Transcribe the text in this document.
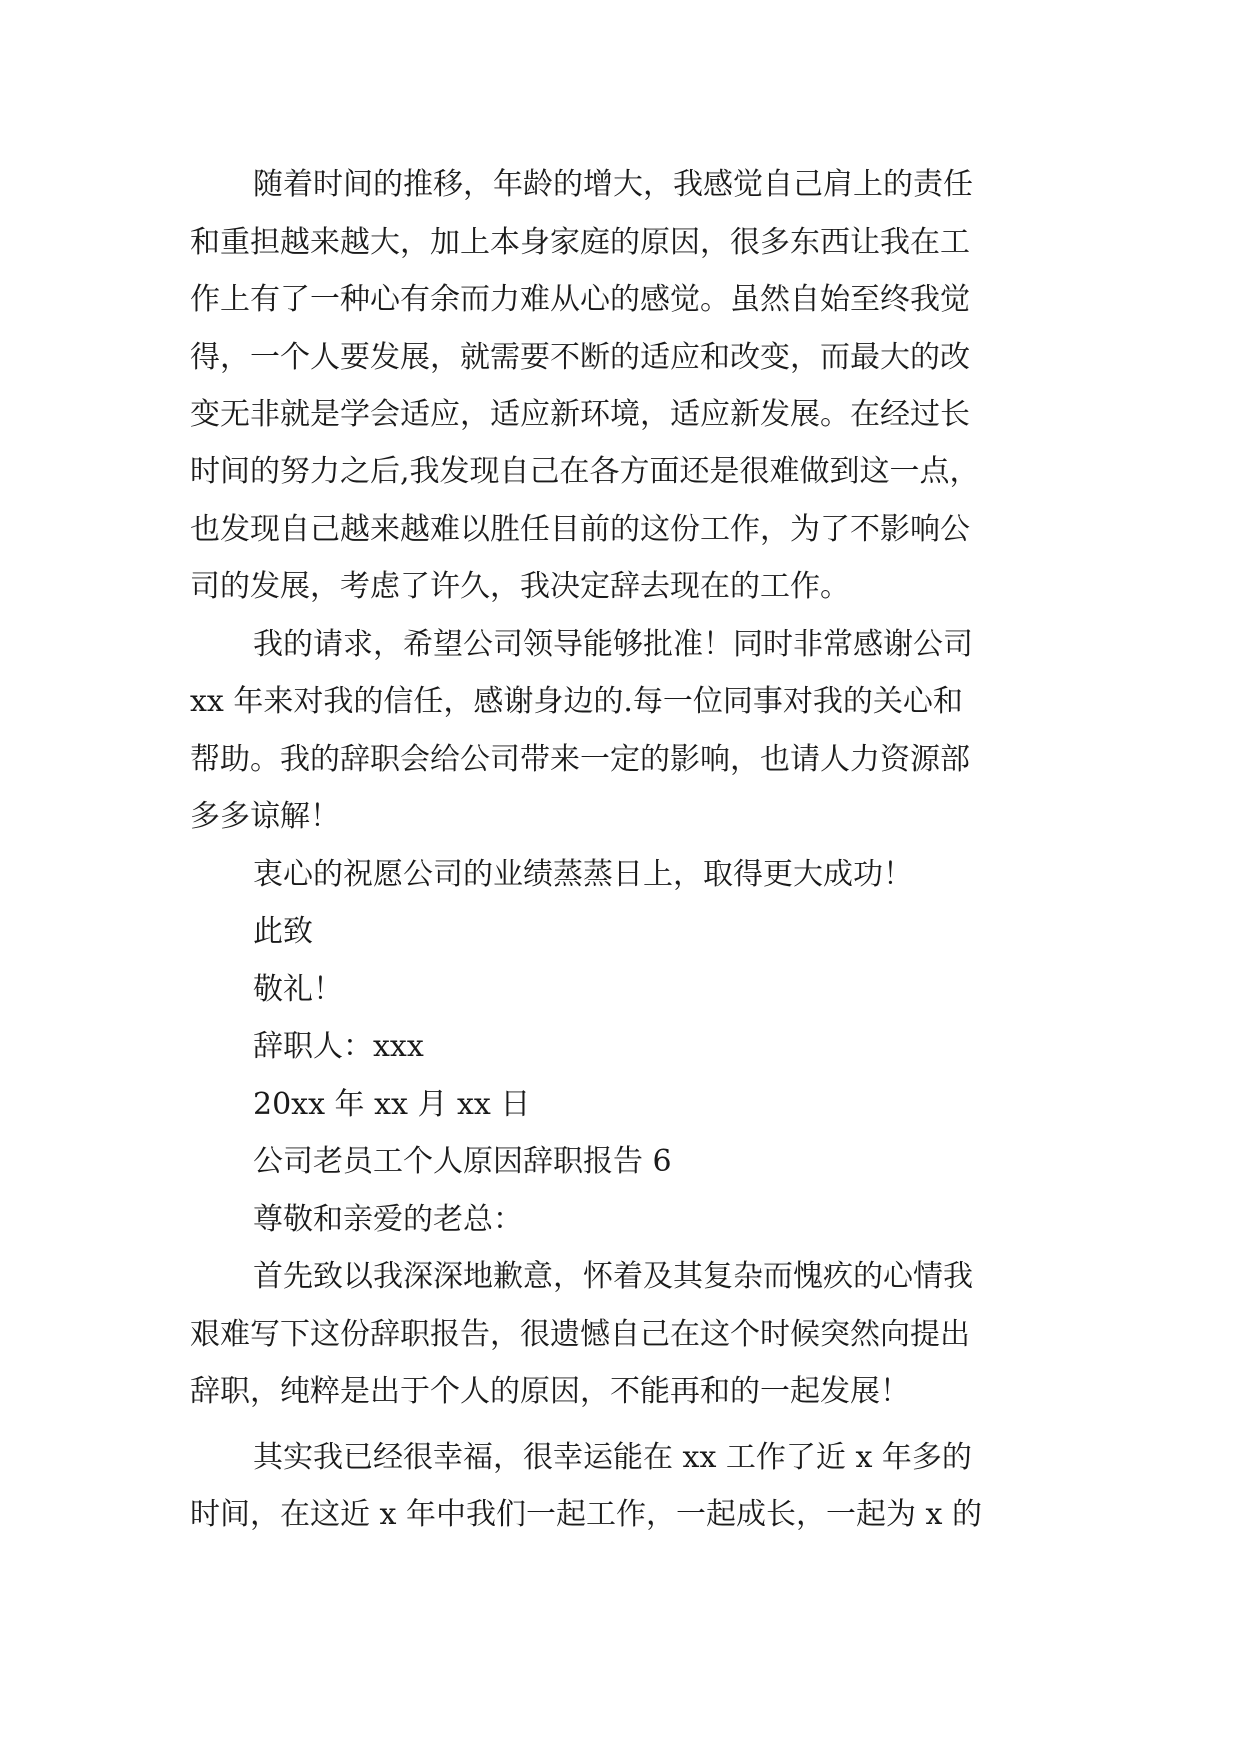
随着时间的推移，年龄的增大，我感觉自己肩上的责任
和重担越来越大，加上本身家庭的原因，很多东西让我在工
作上有了一种心有余而力难从心的感觉。虽然自始至终我觉
得，一个人要发展，就需要不断的适应和改变，而最大的改
变无非就是学会适应，适应新环境，适应新发展。在经过长
时间的努力之后,我发现自己在各方面还是很难做到这一点，
也发现自己越来越难以胜任目前的这份工作，为了不影响公
司的发展，考虑了许久，我决定辞去现在的工作。
我的请求，希望公司领导能够批准！同时非常感谢公司
xx 年来对我的信任，感谢身边的.每一位同事对我的关心和
帮助。我的辞职会给公司带来一定的影响，也请人力资源部
多多谅解！
衷心的祝愿公司的业绩蒸蒸日上，取得更大成功！
此致
敬礼！
辞职人：xxx
20xx 年 xx 月 xx 日
公司老员工个人原因辞职报告 6
尊敬和亲爱的老总：
首先致以我深深地歉意，怀着及其复杂而愧疚的心情我
艰难写下这份辞职报告，很遗憾自己在这个时候突然向提出
辞职，纯粹是出于个人的原因，不能再和的一起发展！
其实我已经很幸福，很幸运能在 xx 工作了近 x 年多的
时间，在这近 x 年中我们一起工作，一起成长，一起为 x 的
